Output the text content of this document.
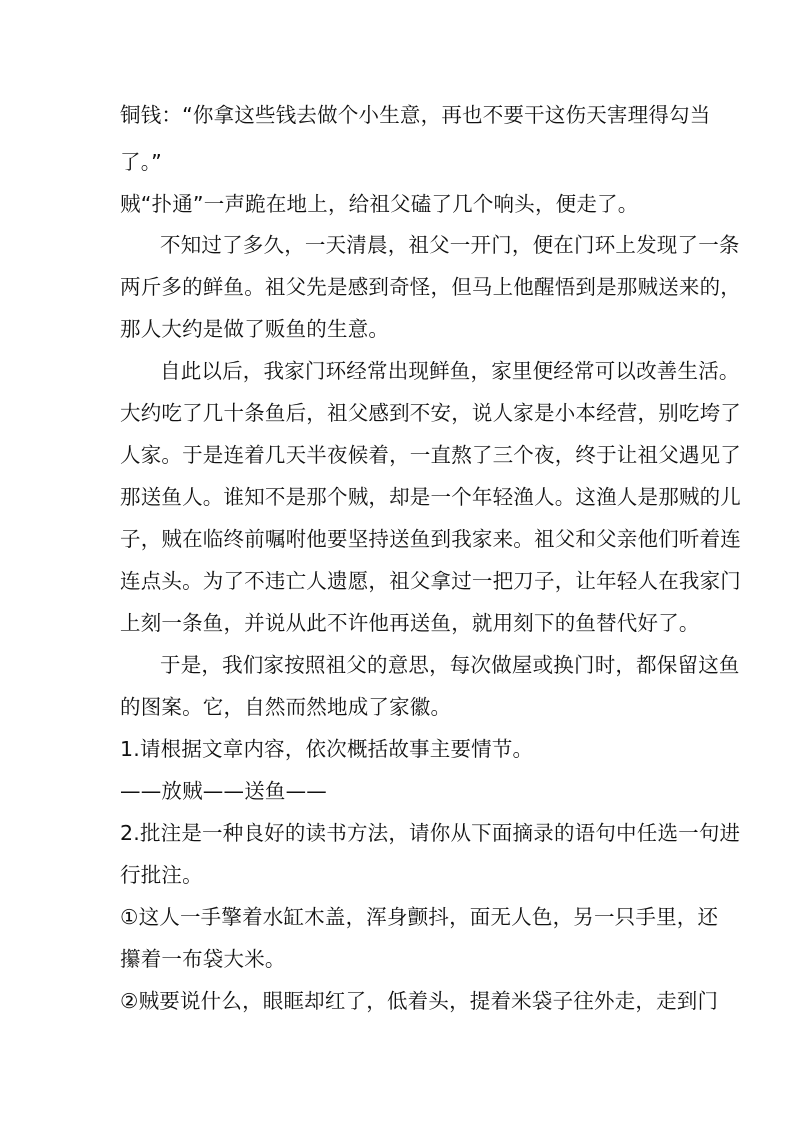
铜钱：“你拿这些钱去做个小生意，再也不要干这伤天害理得勾当
了。”
贼“扑通”一声跪在地上，给祖父磕了几个响头，便走了。
不知过了多久，一天清晨，祖父一开门，便在门环上发现了一条
两斤多的鲜鱼。祖父先是感到奇怪，但马上他醒悟到是那贼送来的，
那人大约是做了贩鱼的生意。
自此以后，我家门环经常出现鲜鱼，家里便经常可以改善生活。
大约吃了几十条鱼后，祖父感到不安，说人家是小本经营，别吃垮了
人家。于是连着几天半夜候着，一直熬了三个夜，终于让祖父遇见了
那送鱼人。谁知不是那个贼，却是一个年轻渔人。这渔人是那贼的儿
子，贼在临终前嘱咐他要坚持送鱼到我家来。祖父和父亲他们听着连
连点头。为了不违亡人遗愿，祖父拿过一把刀子，让年轻人在我家门
上刻一条鱼，并说从此不许他再送鱼，就用刻下的鱼替代好了。
于是，我们家按照祖父的意思，每次做屋或换门时，都保留这鱼
的图案。它，自然而然地成了家徽。
1.请根据文章内容，依次概括故事主要情节。
——放贼——送鱼——
2.批注是一种良好的读书方法，请你从下面摘录的语句中任选一句进
行批注。
①这人一手擎着水缸木盖，浑身颤抖，面无人色，另一只手里，还
攥着一布袋大米。
②贼要说什么，眼眶却红了，低着头，提着米袋子往外走，走到门
